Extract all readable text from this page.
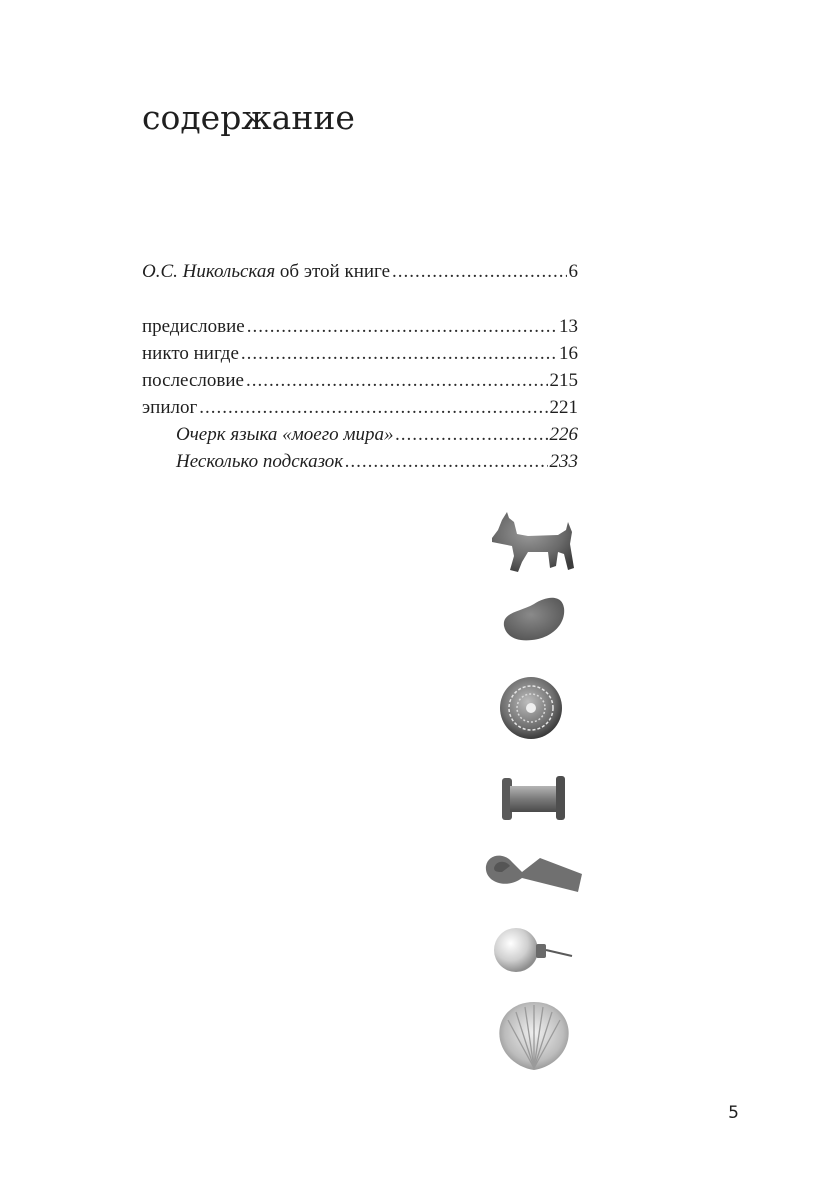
содержание
О.С. Никольская об этой книге .....	6
предисловие .....	13
никто нигде .....	16
послесловие .....	215
эпилог .....	221
Очерк языка «моего мира» .....	226
Несколько подсказок .....	233
5
